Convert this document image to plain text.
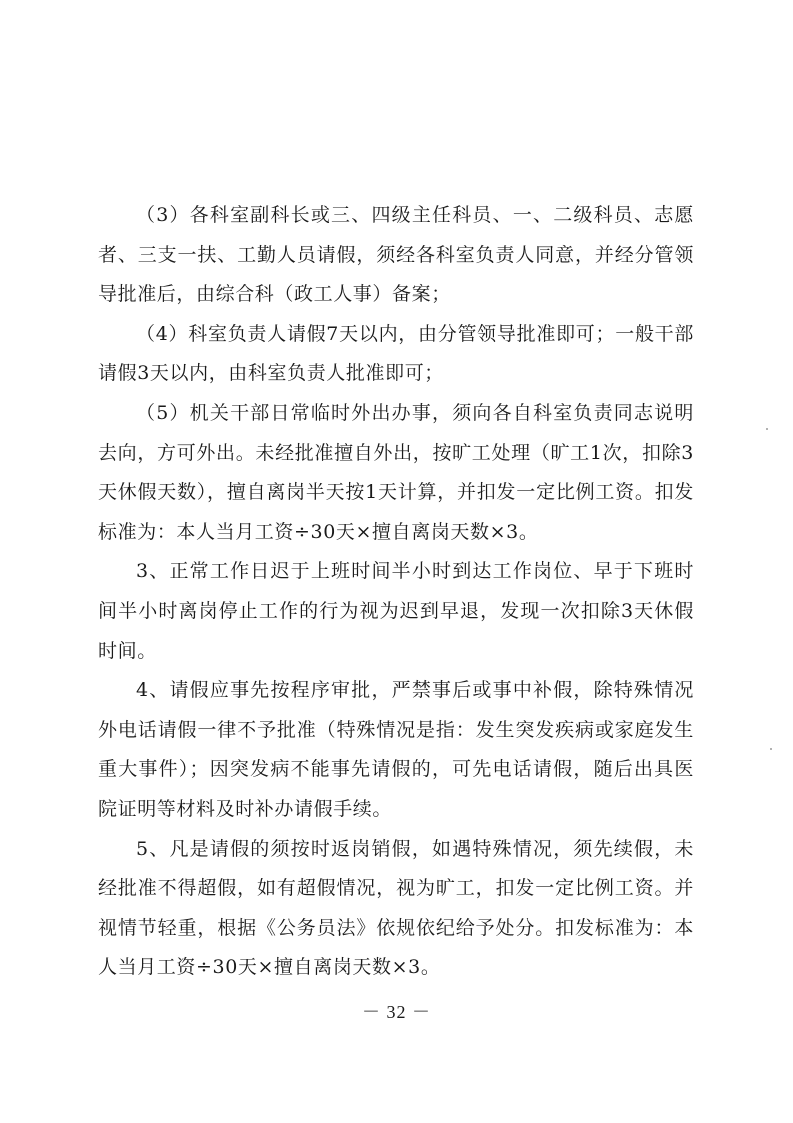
（3）各科室副科长或三、四级主任科员、一、二级科员、志愿者、三支一扶、工勤人员请假，须经各科室负责人同意，并经分管领导批准后，由综合科（政工人事）备案；

（4）科室负责人请假7天以内，由分管领导批准即可；一般干部请假3天以内，由科室负责人批准即可；

（5）机关干部日常临时外出办事，须向各自科室负责同志说明去向，方可外出。未经批准擅自外出，按旷工处理（旷工1次，扣除3天休假天数），擅自离岗半天按1天计算，并扣发一定比例工资。扣发标准为：本人当月工资÷30天×擅自离岗天数×3。

3、正常工作日迟于上班时间半小时到达工作岗位、早于下班时间半小时离岗停止工作的行为视为迟到早退，发现一次扣除3天休假时间。

4、请假应事先按程序审批，严禁事后或事中补假，除特殊情况外电话请假一律不予批准（特殊情况是指：发生突发疾病或家庭发生重大事件）；因突发病不能事先请假的，可先电话请假，随后出具医院证明等材料及时补办请假手续。

5、凡是请假的须按时返岗销假，如遇特殊情况，须先续假，未经批准不得超假，如有超假情况，视为旷工，扣发一定比例工资。并视情节轻重，根据《公务员法》依规依纪给予处分。扣发标准为：本人当月工资÷30天×擅自离岗天数×3。

－ 32 －
